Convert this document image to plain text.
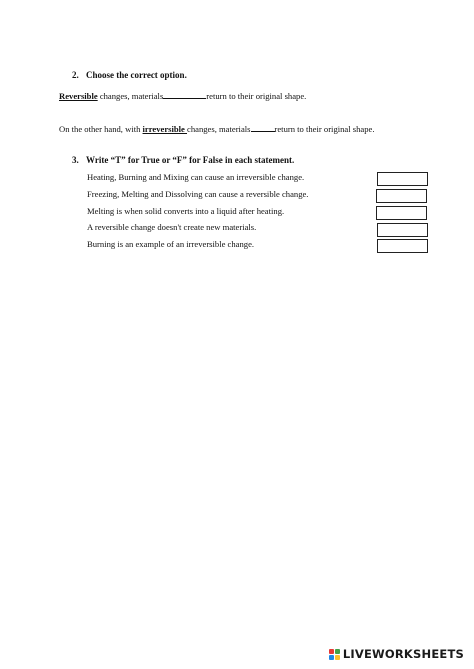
2. Choose the correct option.
Reversible changes, materials	return to their original shape.
On the other hand, with irreversible changes, materials	return to their original shape.
3. Write “T” for True or “F” for False in each statement.
Heating, Burning and Mixing can cause an irreversible change.
Freezing, Melting and Dissolving can cause a reversible change.
Melting is when solid converts into a liquid after heating.
A reversible change doesn't create new materials.
Burning is an example of an irreversible change.
LIVE WORKSHEETS
